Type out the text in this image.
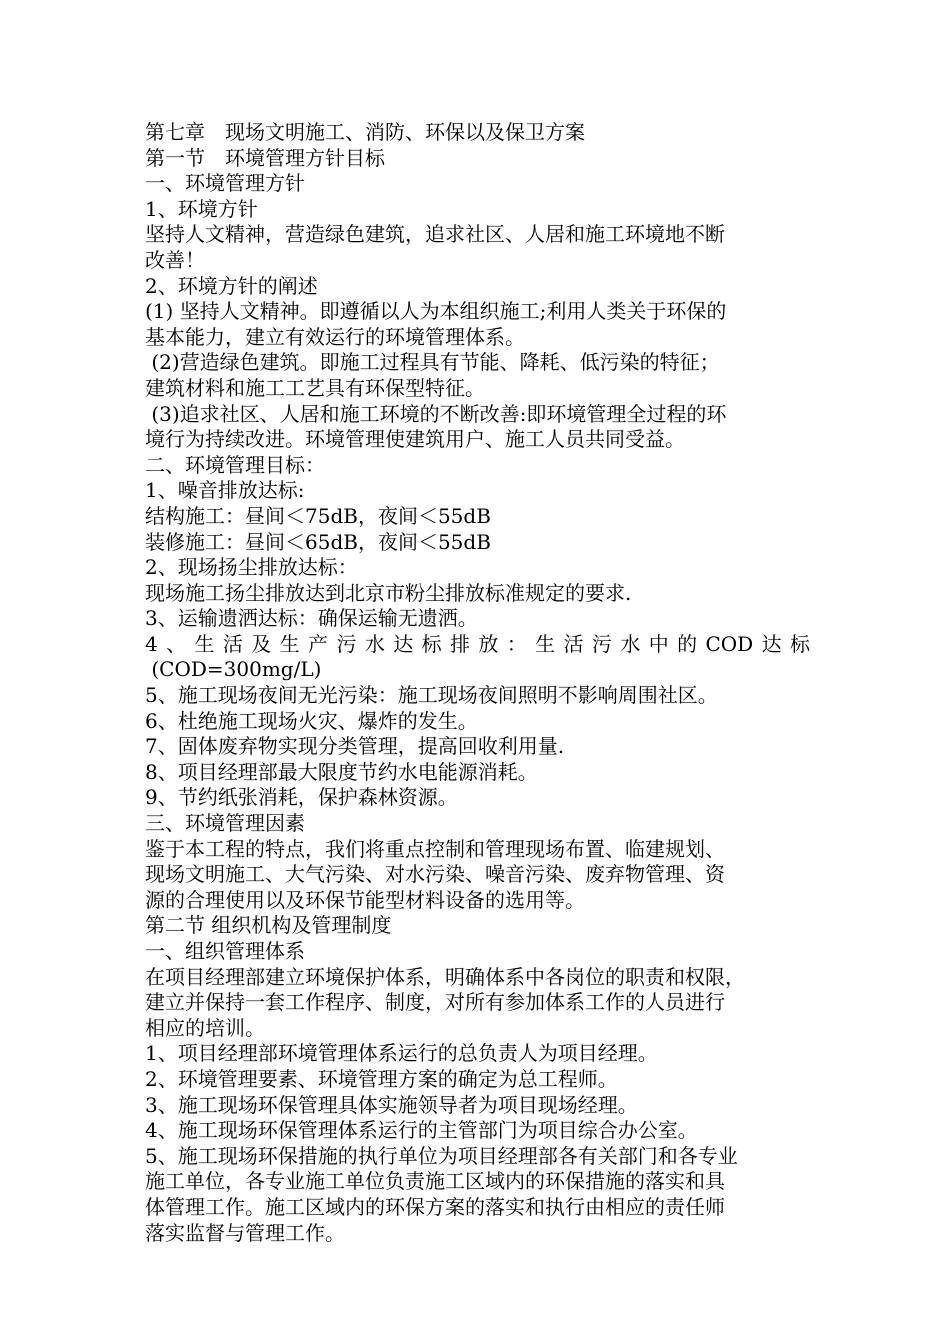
第七章　现场文明施工、消防、环保以及保卫方案
第一节　环境管理方针目标
一、环境管理方针
1、环境方针
坚持人文精神，营造绿色建筑，追求社区、人居和施工环境地不断
改善！
2、环境方针的阐述
(1) 坚持人文精神。即遵循以人为本组织施工;利用人类关于环保的
基本能力，建立有效运行的环境管理体系。
(2)营造绿色建筑。即施工过程具有节能、降耗、低污染的特征；
建筑材料和施工工艺具有环保型特征。
(3)追求社区、人居和施工环境的不断改善:即环境管理全过程的环
境行为持续改进。环境管理使建筑用户、施工人员共同受益。
二、环境管理目标：
1、噪音排放达标:
结构施工：昼间＜75dB，夜间＜55dB
装修施工：昼间＜65dB，夜间＜55dB
2、现场扬尘排放达标：
现场施工扬尘排放达到北京市粉尘排放标准规定的要求.
3、运输遗洒达标：确保运输无遗洒。
4、生活及生产污水达标排放：生活污水中的COD达标
(COD=300mg/L)
5、施工现场夜间无光污染：施工现场夜间照明不影响周围社区。
6、杜绝施工现场火灾、爆炸的发生。
7、固体废弃物实现分类管理，提高回收利用量.
8、项目经理部最大限度节约水电能源消耗。
9、节约纸张消耗，保护森林资源。
三、环境管理因素
鉴于本工程的特点，我们将重点控制和管理现场布置、临建规划、
现场文明施工、大气污染、对水污染、噪音污染、废弃物管理、资
源的合理使用以及环保节能型材料设备的选用等。
第二节 组织机构及管理制度
一、组织管理体系
在项目经理部建立环境保护体系，明确体系中各岗位的职责和权限，
建立并保持一套工作程序、制度，对所有参加体系工作的人员进行
相应的培训。
1、项目经理部环境管理体系运行的总负责人为项目经理。
2、环境管理要素、环境管理方案的确定为总工程师。
3、施工现场环保管理具体实施领导者为项目现场经理。
4、施工现场环保管理体系运行的主管部门为项目综合办公室。
5、施工现场环保措施的执行单位为项目经理部各有关部门和各专业
施工单位，各专业施工单位负责施工区域内的环保措施的落实和具
体管理工作。施工区域内的环保方案的落实和执行由相应的责任师
落实监督与管理工作。
